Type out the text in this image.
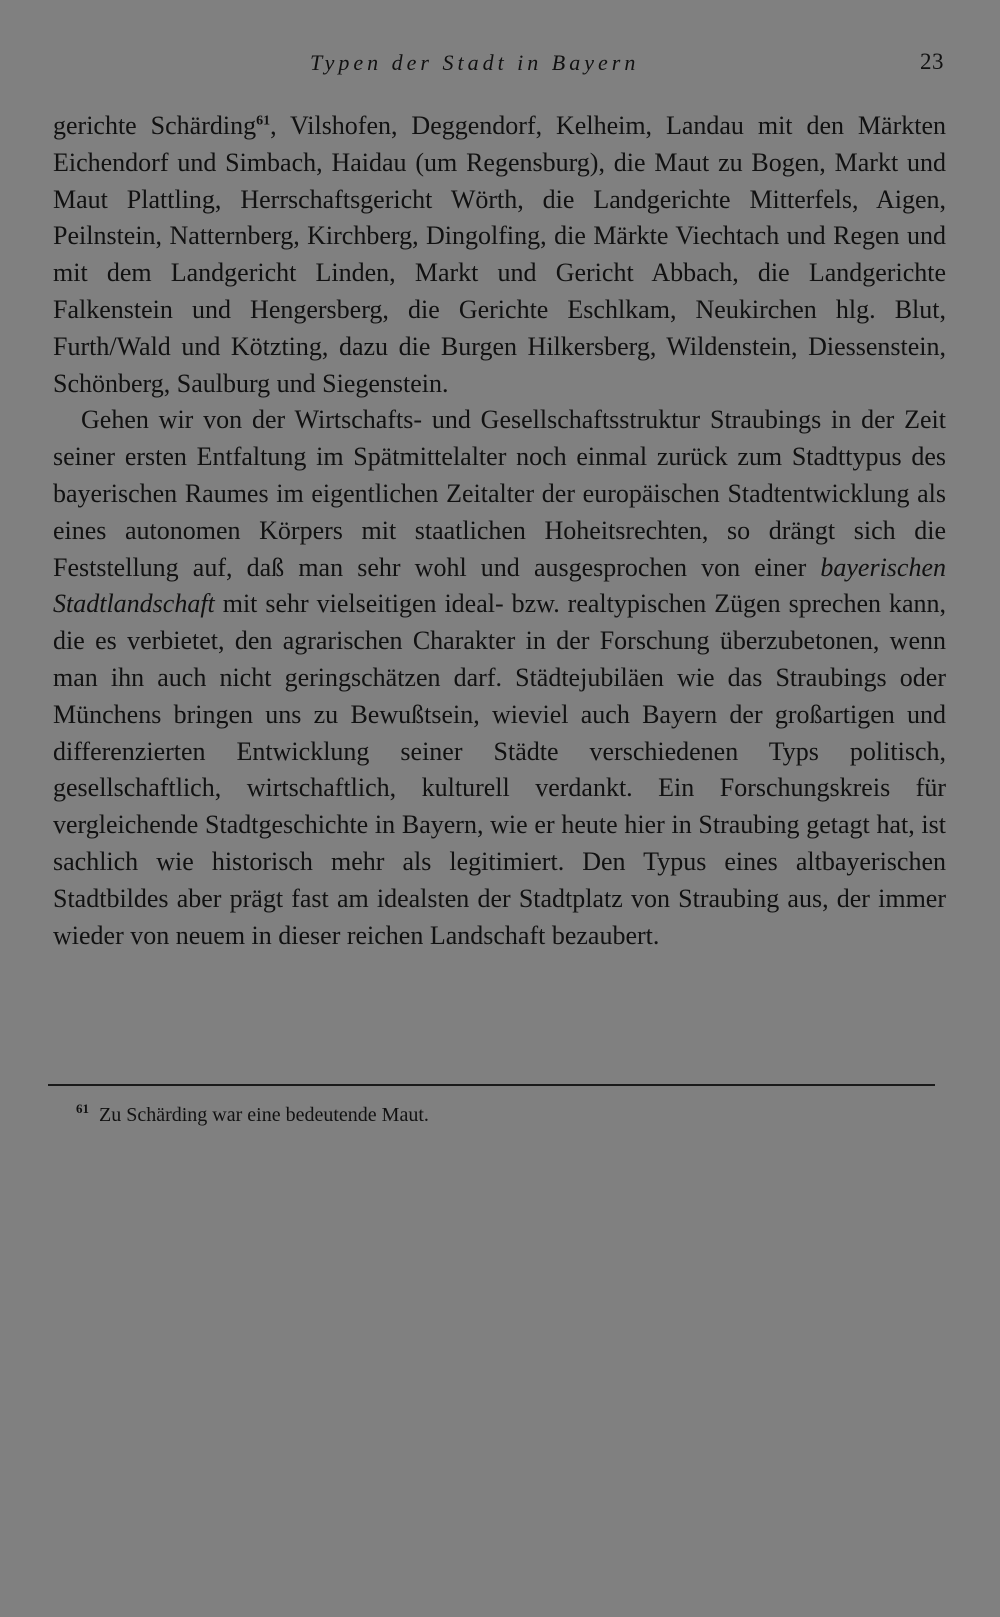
Typen der Stadt in Bayern	23

gerichte Schärding$^{61}$, Vilshofen, Deggendorf, Kelheim, Landau mit den Märkten Eichendorf und Simbach, Haidau (um Regensburg), die Maut zu Bogen, Markt und Maut Plattling, Herrschaftsgericht Wörth, die Landgerichte Mitterfels, Aigen, Peilnstein, Natternberg, Kirchberg, Dingolfing, die Märkte Viechtach und Regen und mit dem Landgericht Linden, Markt und Gericht Abbach, die Landgerichte Falkenstein und Hengersberg, die Gerichte Eschlkam, Neukirchen hlg. Blut, Furth/Wald und Kötzting, dazu die Burgen Hilkersberg, Wildenstein, Diessenstein, Schönberg, Saulburg und Siegenstein.

Gehen wir von der Wirtschafts- und Gesellschaftsstruktur Straubings in der Zeit seiner ersten Entfaltung im Spätmittelalter noch einmal zurück zum Stadttypus des bayerischen Raumes im eigentlichen Zeitalter der europäischen Stadtentwicklung als eines autonomen Körpers mit staatlichen Hoheitsrechten, so drängt sich die Feststellung auf, daß man sehr wohl und ausgesprochen von einer bayerischen Stadtlandschaft mit sehr vielseitigen ideal- bzw. realtypischen Zügen sprechen kann, die es verbietet, den agrarischen Charakter in der Forschung überzubetonen, wenn man ihn auch nicht geringschätzen darf. Städtejubiläen wie das Straubings oder Münchens bringen uns zu Bewußtsein, wieviel auch Bayern der großartigen und differenzierten Entwicklung seiner Städte verschiedenen Typs politisch, gesellschaftlich, wirtschaftlich, kulturell verdankt. Ein Forschungskreis für vergleichende Stadtgeschichte in Bayern, wie er heute hier in Straubing getagt hat, ist sachlich wie historisch mehr als legitimiert. Den Typus eines altbayerischen Stadtbildes aber prägt fast am idealsten der Stadtplatz von Straubing aus, der immer wieder von neuem in dieser reichen Landschaft bezaubert.

$^{61}$ Zu Schärding war eine bedeutende Maut.
